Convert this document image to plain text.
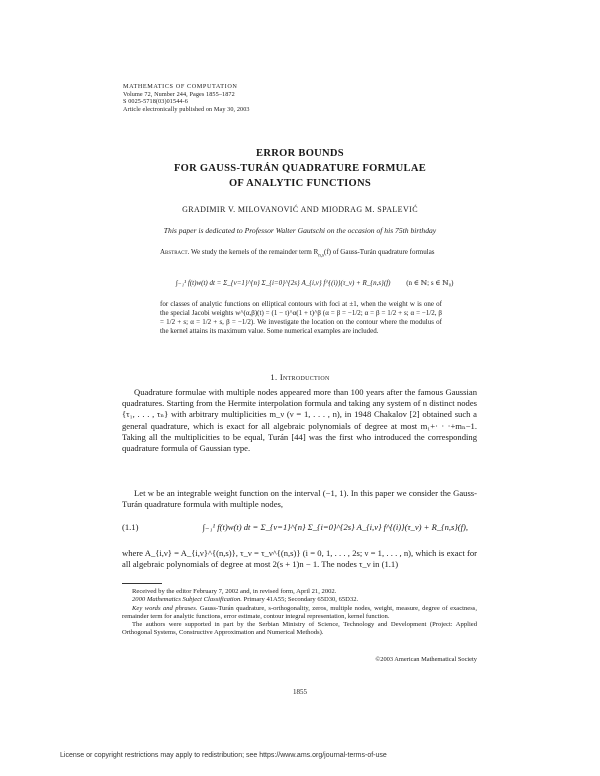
MATHEMATICS OF COMPUTATION
Volume 72, Number 244, Pages 1855–1872
S 0025-5718(03)01544-6
Article electronically published on May 30, 2003
ERROR BOUNDS
FOR GAUSS-TURÁN QUADRATURE FORMULAE
OF ANALYTIC FUNCTIONS
GRADIMIR V. MILOVANOVIĆ AND MIODRAG M. SPALEVIĆ
This paper is dedicated to Professor Walter Gautschi on the occasion of his 75th birthday
Abstract. We study the kernels of the remainder term $R_{n,s}(f)$ of Gauss-Turán quadrature formulas
∫₋₁¹ f(t)w(t) dt = Σ_{ν=1}^{n} Σ_{i=0}^{2s} A_{i,ν} f^{(i)}(τ_ν) + R_{n,s}(f) (n ∈ ℕ; s ∈ ℕ₀)
for classes of analytic functions on elliptical contours with foci at ±1, when the weight w is one of the special Jacobi weights w^(α,β)(t) = (1 − t)^α(1 + t)^β (α = β = −1/2; α = β = 1/2 + s; α = −1/2, β = 1/2 + s; α = 1/2 + s, β = −1/2). We investigate the location on the contour where the modulus of the kernel attains its maximum value. Some numerical examples are included.
1. Introduction

Quadrature formulae with multiple nodes appeared more than 100 years after the famous Gaussian quadratures. Starting from the Hermite interpolation formula and taking any system of n distinct nodes {τ₁, . . . , τₙ} with arbitrary multiplicities m_ν (ν = 1, . . . , n), in 1948 Chakalov [2] obtained such a general quadrature, which is exact for all algebraic polynomials of degree at most m₁+· · ·+mₙ−1. Taking all the multiplicities to be equal, Turán [44] was the first who introduced the corresponding quadrature formula of Gaussian type.

Let w be an integrable weight function on the interval (−1, 1). In this paper we consider the Gauss-Turán quadrature formula with multiple nodes,

(1.1)	∫₋₁¹ f(t)w(t) dt = Σ_{ν=1}^{n} Σ_{i=0}^{2s} A_{i,ν} f^{(i)}(τ_ν) + R_{n,s}(f),

where A_{i,ν} = A_{i,ν}^{(n,s)}, τ_ν = τ_ν^{(n,s)} (i = 0, 1, . . . , 2s; ν = 1, . . . , n), which is exact for all algebraic polynomials of degree at most 2(s + 1)n − 1. The nodes τ_ν in (1.1)

Received by the editor February 7, 2002 and, in revised form, April 21, 2002.

2000 Mathematics Subject Classification. Primary 41A55; Secondary 65D30, 65D32.

Key words and phrases. Gauss-Turán quadrature, s-orthogonality, zeros, multiple nodes, weight, measure, degree of exactness, remainder term for analytic functions, error estimate, contour integral representation, kernel function.

The authors were supported in part by the Serbian Ministry of Science, Technology and Development (Project: Applied Orthogonal Systems, Constructive Approximation and Numerical Methods).

©2003 American Mathematical Society
1855
License or copyright restrictions may apply to redistribution; see https://www.ams.org/journal-terms-of-use
